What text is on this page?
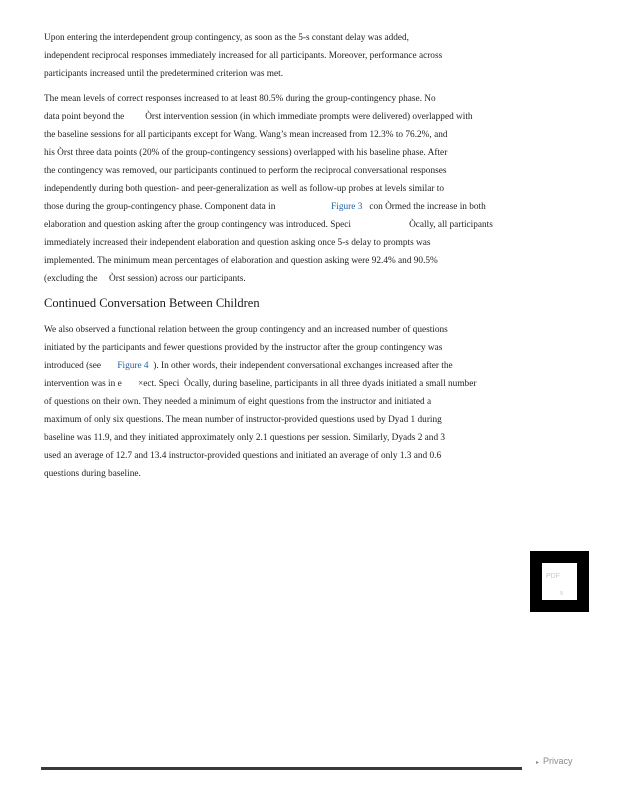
Upon entering the interdependent group contingency, as soon as the 5-s constant delay was added,
independent reciprocal responses immediately increased for all participants. Moreover, performance across
participants increased until the predetermined criterion was met.
The mean levels of correct responses increased to at least 80.5% during the group-contingency phase. No
data point beyond the         Òrst intervention session (in which immediate prompts were delivered) overlapped with
the baseline sessions for all participants except for Wang. Wang’s mean increased from 12.3% to 76.2%, and
his Òrst three data points (20% of the group-contingency sessions) overlapped with his baseline phase. After
the contingency was removed, our participants continued to perform the reciprocal conversational responses
independently during both question- and peer-generalization as well as follow-up probes at levels similar to
those during the group-contingency phase. Component data in                        Figure 3   con Òrmed the increase in both
elaboration and question asking after the group contingency was introduced. Speci                         Òcally, all participants
immediately increased their independent elaboration and question asking once 5-s delay to prompts was
implemented. The minimum mean percentages of elaboration and question asking were 92.4% and 90.5%
(excluding the     Òrst session) across our participants.
Continued Conversation Between Children
We also observed a functional relation between the group contingency and an increased number of questions
initiated by the participants and fewer questions provided by the instructor after the group contingency was
introduced (see       Figure 4  ). In other words, their independent conversational exchanges increased after the
intervention was in e       ×ect. Speci  Òcally, during baseline, participants in all three dyads initiated a small number
of questions on their own. They needed a minimum of eight questions from the instructor and initiated a
maximum of only six questions. The mean number of instructor-provided questions used by Dyad 1 during
baseline was 11.9, and they initiated approximately only 2.1 questions per session. Similarly, Dyads 2 and 3
used an average of 12.7 and 13.4 instructor-provided questions and initiated an average of only 1.3 and 0.6
questions during baseline.
PDF
B
▸ Privacy
